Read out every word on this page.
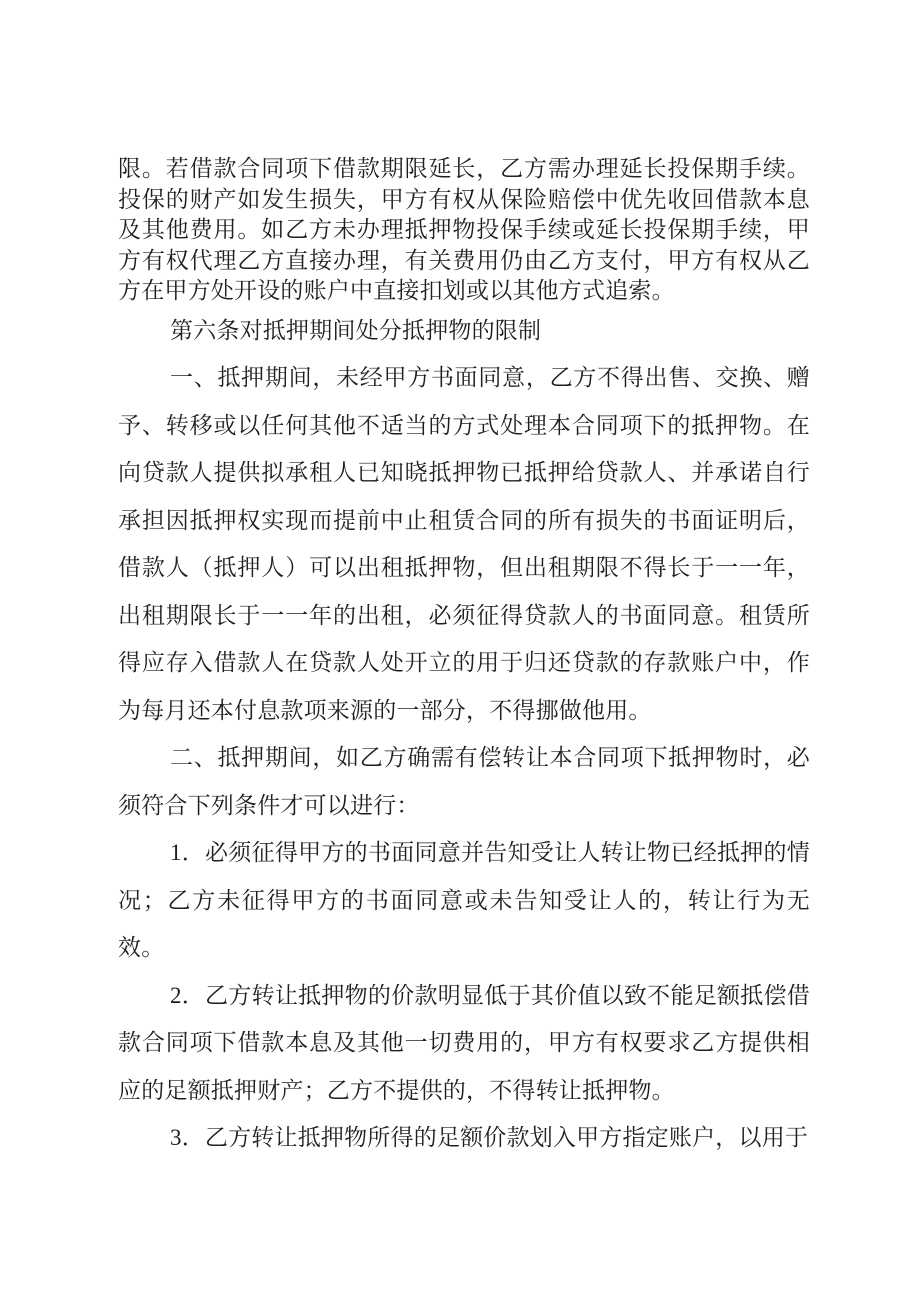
限。若借款合同项下借款期限延长，乙方需办理延长投保期手续。投保的财产如发生损失，甲方有权从保险赔偿中优先收回借款本息及其他费用。如乙方未办理抵押物投保手续或延长投保期手续，甲方有权代理乙方直接办理，有关费用仍由乙方支付，甲方有权从乙方在甲方处开设的账户中直接扣划或以其他方式追索。

第六条对抵押期间处分抵押物的限制

一、抵押期间，未经甲方书面同意，乙方不得出售、交换、赠予、转移或以任何其他不适当的方式处理本合同项下的抵押物。在向贷款人提供拟承租人已知晓抵押物已抵押给贷款人、并承诺自行承担因抵押权实现而提前中止租赁合同的所有损失的书面证明后，借款人（抵押人）可以出租抵押物，但出租期限不得长于一一年，出租期限长于一一年的出租，必须征得贷款人的书面同意。租赁所得应存入借款人在贷款人处开立的用于归还贷款的存款账户中，作为每月还本付息款项来源的一部分，不得挪做他用。

二、抵押期间，如乙方确需有偿转让本合同项下抵押物时，必须符合下列条件才可以进行：

1．必须征得甲方的书面同意并告知受让人转让物已经抵押的情况；乙方未征得甲方的书面同意或未告知受让人的，转让行为无效。

2．乙方转让抵押物的价款明显低于其价值以致不能足额抵偿借款合同项下借款本息及其他一切费用的，甲方有权要求乙方提供相应的足额抵押财产；乙方不提供的，不得转让抵押物。

3．乙方转让抵押物所得的足额价款划入甲方指定账户，以用于
